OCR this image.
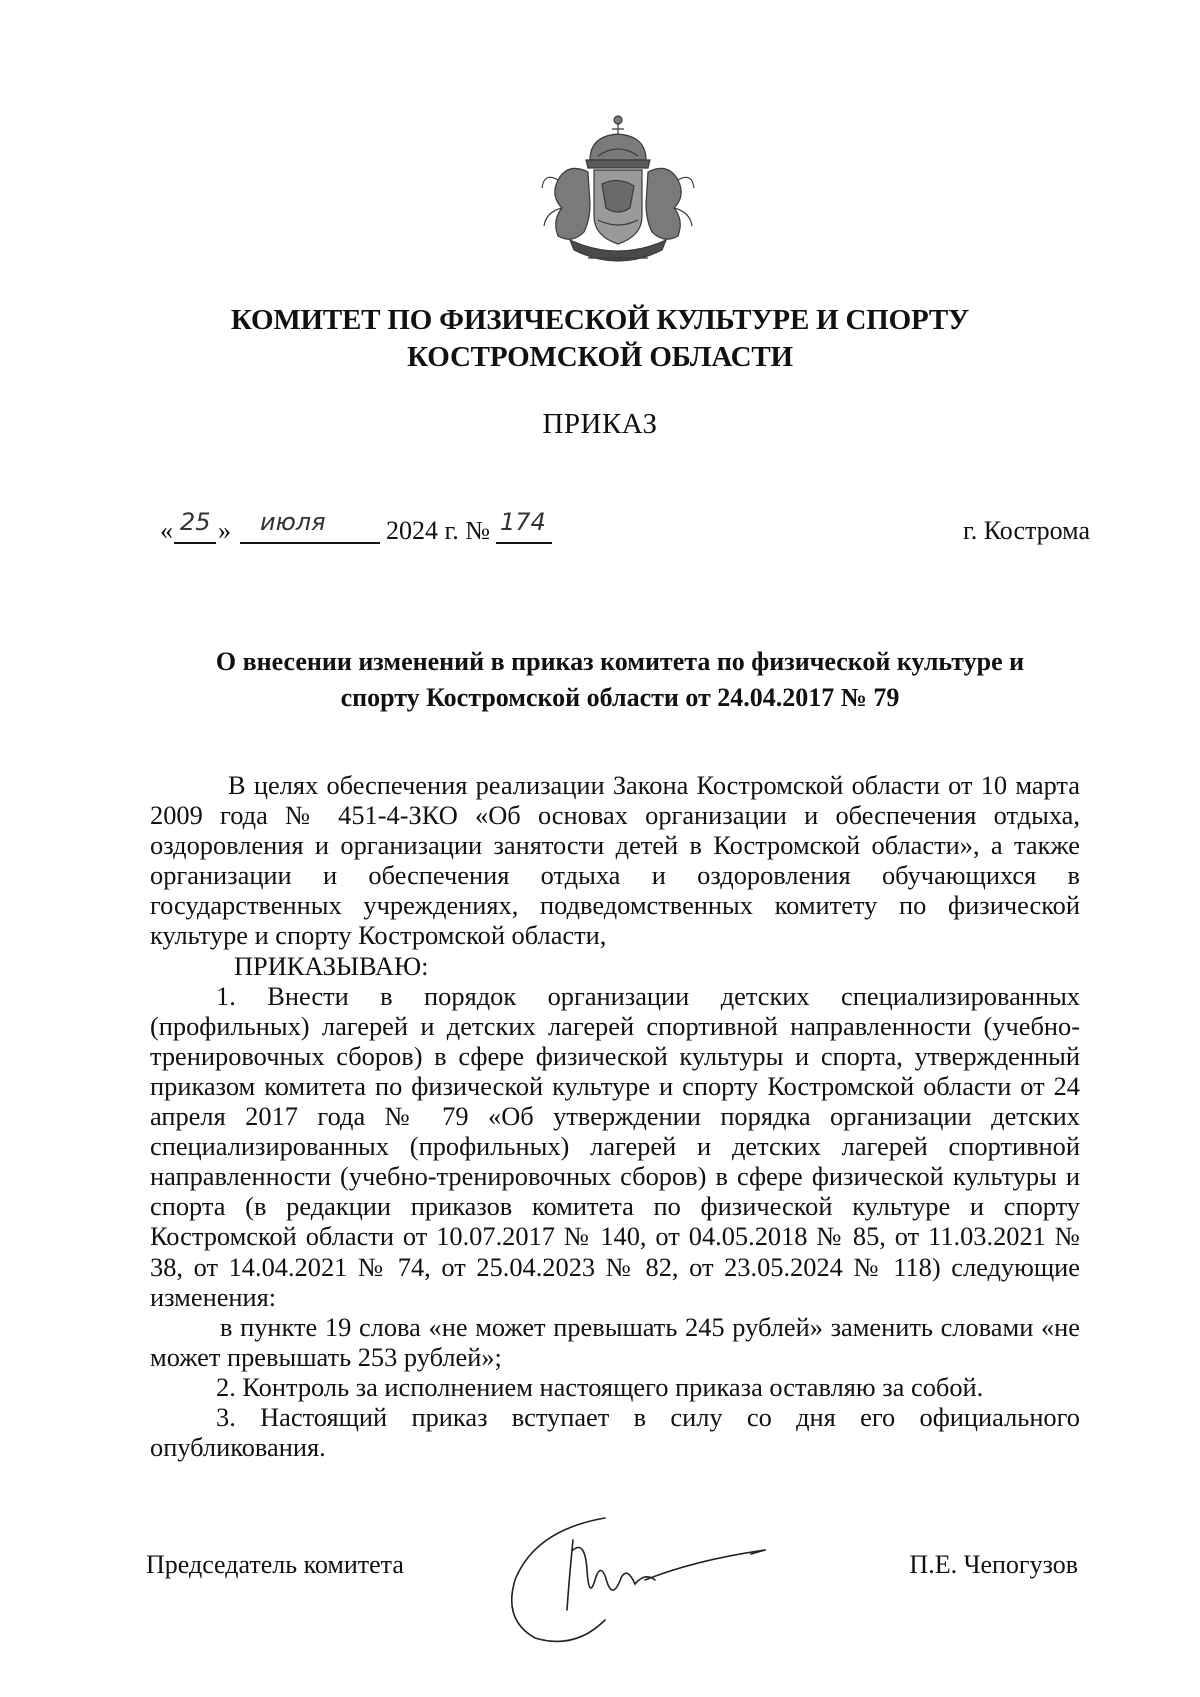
КОМИТЕТ ПО ФИЗИЧЕСКОЙ КУЛЬТУРЕ И СПОРТУ
КОСТРОМСКОЙ ОБЛАСТИ
ПРИКАЗ
« 25 » июля 2024 г. № 174	г. Кострома
О внесении изменений в приказ комитета по физической культуре и
спорту Костромской области от 24.04.2017 № 79

В целях обеспечения реализации Закона Костромской области от 10 марта 2009 года № 451-4-ЗКО «Об основах организации и обеспечения отдыха, оздоровления и организации занятости детей в Костромской области», а также организации и обеспечения отдыха и оздоровления обучающихся в государственных учреждениях, подведомственных комитету по физической культуре и спорту Костромской области,

ПРИКАЗЫВАЮ:

1. Внести в порядок организации детских специализированных (профильных) лагерей и детских лагерей спортивной направленности (учебно-тренировочных сборов) в сфере физической культуры и спорта, утвержденный приказом комитета по физической культуре и спорту Костромской области от 24 апреля 2017 года № 79 «Об утверждении порядка организации детских специализированных (профильных) лагерей и детских лагерей спортивной направленности (учебно-тренировочных сборов) в сфере физической культуры и спорта (в редакции приказов комитета по физической культуре и спорту Костромской области от 10.07.2017 № 140, от 04.05.2018 № 85, от 11.03.2021 № 38, от 14.04.2021 № 74, от 25.04.2023 № 82, от 23.05.2024 № 118) следующие изменения:

в пункте 19 слова «не может превышать 245 рублей» заменить словами «не может превышать 253 рублей»;

2. Контроль за исполнением настоящего приказа оставляю за собой.

3. Настоящий приказ вступает в силу со дня его официального опубликования.

Председатель комитета	П.Е. Чепогузов
